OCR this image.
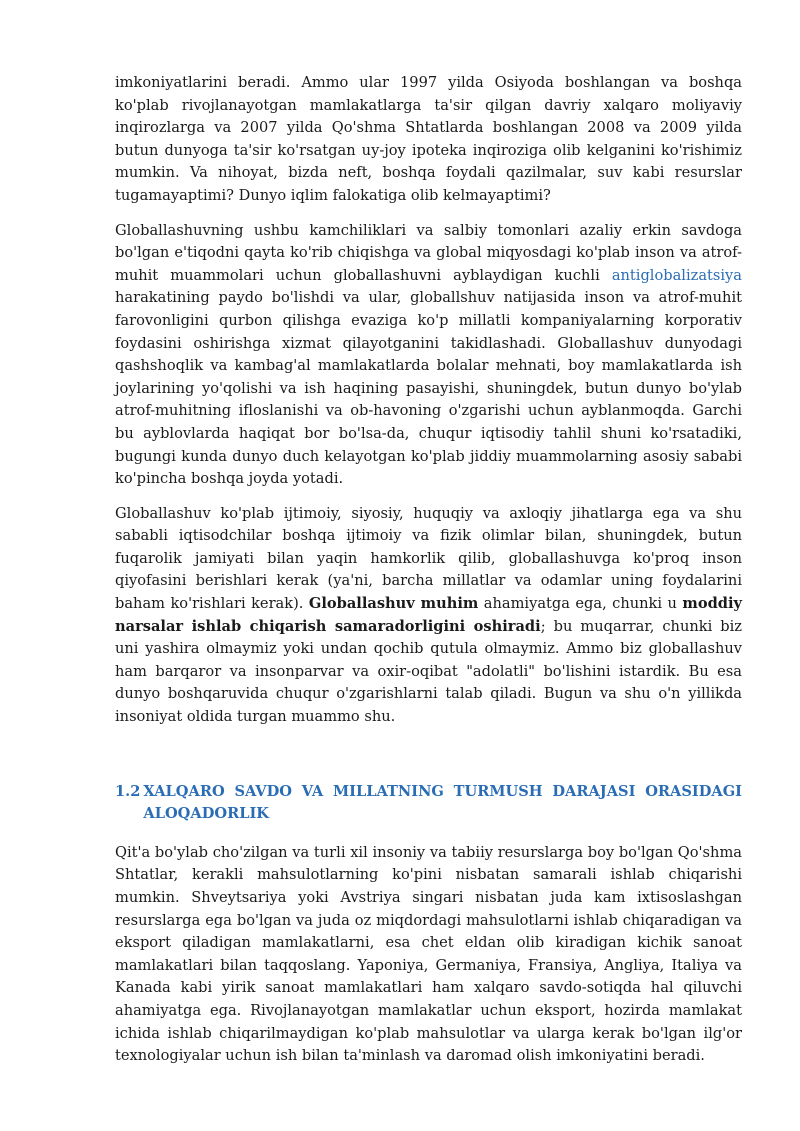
imkoniyatlarini beradi. Ammo ular 1997 yilda Osiyoda boshlangan va boshqa ko'plab rivojlanayotgan mamlakatlarga ta'sir qilgan davriy xalqaro moliyaviy inqirozlarga va 2007 yilda Qo'shma Shtatlarda boshlangan 2008 va 2009 yilda butun dunyoga ta'sir ko'rsatgan uy-joy ipoteka inqiroziga olib kelganini ko'rishimiz mumkin. Va nihoyat, bizda neft, boshqa foydali qazilmalar, suv kabi resurslar tugamayaptimi? Dunyo iqlim falokatiga olib kelmayaptimi?

Globallashuvning ushbu kamchiliklari va salbiy tomonlari azaliy erkin savdoga bo'lgan e'tiqodni qayta ko'rib chiqishga va global miqyosdagi ko'plab inson va atrof-muhit muammolari uchun globallashuvni ayblaydigan kuchli antiglobalizatsiya harakatining paydo bo'lishdi va ular, globallshuv natijasida inson va atrof-muhit farovonligini qurbon qilishga evaziga ko'p millatli kompaniyalarning korporativ foydasini oshirishga xizmat qilayotganini takidlashadi. Globallashuv dunyodagi qashshoqlik va kambag'al mamlakatlarda bolalar mehnati, boy mamlakatlarda ish joylarining yo'qolishi va ish haqining pasayishi, shuningdek, butun dunyo bo'ylab atrof-muhitning ifloslanishi va ob-havoning o'zgarishi uchun ayblanmoqda. Garchi bu ayblovlarda haqiqat bor bo'lsa-da, chuqur iqtisodiy tahlil shuni ko'rsatadiki, bugungi kunda dunyo duch kelayotgan ko'plab jiddiy muammolarning asosiy sababi ko'pincha boshqa joyda yotadi.

Globallashuv ko'plab ijtimoiy, siyosiy, huquqiy va axloqiy jihatlarga ega va shu sababli iqtisodchilar boshqa ijtimoiy va fizik olimlar bilan, shuningdek, butun fuqarolik jamiyati bilan yaqin hamkorlik qilib, globallashuvga ko'proq inson qiyofasini berishlari kerak (ya'ni, barcha millatlar va odamlar uning foydalarini baham ko'rishlari kerak). Globallashuv muhim ahamiyatga ega, chunki u moddiy narsalar ishlab chiqarish samaradorligini oshiradi; bu muqarrar, chunki biz uni yashira olmaymiz yoki undan qochib qutula olmaymiz. Ammo biz globallashuv ham barqaror va insonparvar va oxir-oqibat "adolatli" bo'lishini istardik. Bu esa dunyo boshqaruvida chuqur o'zgarishlarni talab qiladi. Bugun va shu o'n yillikda insoniyat oldida turgan muammo shu.

1.2 XALQARO SAVDO VA MILLATNING TURMUSH DARAJASI ORASIDAGI ALOQADORLIK

Qit'a bo'ylab cho'zilgan va turli xil insoniy va tabiiy resurslarga boy bo'lgan Qo'shma Shtatlar, kerakli mahsulotlarning ko'pini nisbatan samarali ishlab chiqarishi mumkin. Shveytsariya yoki Avstriya singari nisbatan juda kam ixtisoslashgan resurslarga ega bo'lgan va juda oz miqdordagi mahsulotlarni ishlab chiqaradigan va eksport qiladigan mamlakatlarni, esa chet eldan olib kiradigan kichik sanoat mamlakatlari bilan taqqoslang. Yaponiya, Germaniya, Fransiya, Angliya, Italiya va Kanada kabi yirik sanoat mamlakatlari ham xalqaro savdo-sotiqda hal qiluvchi ahamiyatga ega. Rivojlanayotgan mamlakatlar uchun eksport, hozirda mamlakat ichida ishlab chiqarilmaydigan ko'plab mahsulotlar va ularga kerak bo'lgan ilg'or texnologiyalar uchun ish bilan ta'minlash va daromad olish imkoniyatini beradi.
